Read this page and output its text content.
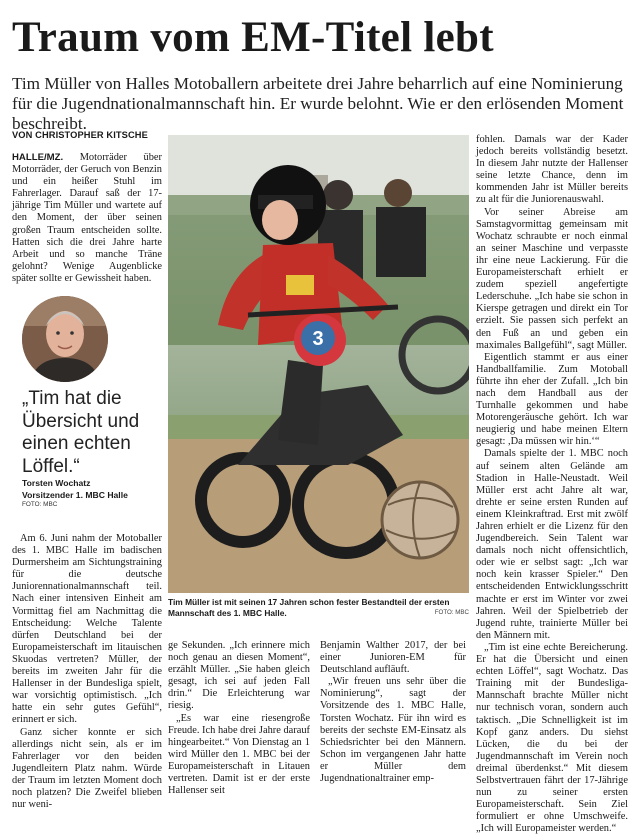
Traum vom EM-Titel lebt
Tim Müller von Halles Motoballern arbeitete drei Jahre beharrlich auf eine Nominierung für die Jugendnationalmannschaft hin. Er wurde belohnt. Wie er den erlösenden Moment beschreibt.
VON CHRISTOPHER KITSCHE

HALLE/MZ. Motorräder über Motorräder, der Geruch von Benzin und ein heißer Stuhl im Fahrerlager. Darauf saß der 17-jährige Tim Müller und wartete auf den Moment, der über seinen großen Traum entscheiden sollte. Hatten sich die drei Jahre harte Arbeit und so manche Träne gelohnt? Wenige Augenblicke später sollte er Gewissheit haben.

„Tim hat die Übersicht und einen echten Löffel.“
Torsten Wochatz
Vorsitzender 1. MBC Halle
FOTO: MBC

Am 6. Juni nahm der Motoballer des 1. MBC Halle im badischen Durmersheim am Sichtungstraining für die deutsche Juniorennationalmannschaft teil. Nach einer intensiven Einheit am Vormittag fiel am Nachmittag die Entscheidung: Welche Talente dürfen Deutschland bei der Europameisterschaft im litauischen Skuodas vertreten? Müller, der bereits im zweiten Jahr für die Hallenser in der Bundesliga spielt, war vorsichtig optimistisch. „Ich hatte ein sehr gutes Gefühl“, erinnert er sich.

Ganz sicher konnte er sich allerdings nicht sein, als er im Fahrerlager vor den beiden Jugendleitern Platz nahm. Würde der Traum im letzten Moment doch noch platzen? Die Zweifel blieben nur weni-

3
Tim Müller ist mit seinen 17 Jahren schon fester Bestandteil der ersten Mannschaft des 1. MBC Halle.	FOTO: MBC

ge Sekunden. „Ich erinnere mich noch genau an diesen Moment“, erzählt Müller. „Sie haben gleich gesagt, ich sei auf jeden Fall drin.“ Die Erleichterung war riesig.

„Es war eine riesengroße Freude. Ich habe drei Jahre darauf hingearbeitet.“ Von Dienstag an 1 wird Müller den 1. MBC bei der Europameisterschaft in Litauen vertreten. Damit ist er der erste Hallenser seit

Benjamin Walther 2017, der bei einer Junioren-EM für Deutschland aufläuft.

„Wir freuen uns sehr über die Nominierung“, sagt der Vorsitzende des 1. MBC Halle, Torsten Wochatz. Für ihn wird es bereits der sechste EM-Einsatz als Schiedsrichter bei den Männern. Schon im vergangenen Jahr hatte er Müller dem Jugendnationaltrainer emp-

fohlen. Damals war der Kader jedoch bereits vollständig besetzt. In diesem Jahr nutzte der Hallenser seine letzte Chance, denn im kommenden Jahr ist Müller bereits zu alt für die Juniorenauswahl.

Vor seiner Abreise am Samstagvormittag gemeinsam mit Wochatz schraubte er noch einmal an seiner Maschine und verpasste ihr eine neue Lackierung. Für die Europameisterschaft erhielt er zudem speziell angefertigte Lederschuhe. „Ich habe sie schon in Kierspe getragen und direkt ein Tor erzielt. Sie passen sich perfekt an den Fuß an und geben ein maximales Ballgefühl“, sagt Müller.

Eigentlich stammt er aus einer Handballfamilie. Zum Motoball führte ihn eher der Zufall. „Ich bin nach dem Handball aus der Turnhalle gekommen und habe Motorengeräusche gehört. Ich war neugierig und habe meinen Eltern gesagt: ,Da müssen wir hin.‘“

Damals spielte der 1. MBC noch auf seinem alten Gelände am Stadion in Halle-Neustadt. Weil Müller erst acht Jahre alt war, drehte er seine ersten Runden auf einem Kleinkraftrad. Erst mit zwölf Jahren erhielt er die Lizenz für den Jugendbereich. Sein Talent war damals noch nicht offensichtlich, oder wie er selbst sagt: „Ich war noch kein krasser Spieler.“ Den entscheidenden Entwicklungsschritt machte er erst im Winter vor zwei Jahren. Weil der Spielbetrieb der Jugend ruhte, trainierte Müller bei den Männern mit.

„Tim ist eine echte Bereicherung. Er hat die Übersicht und einen echten Löffel“, sagt Wochatz. Das Training mit der Bundesliga-Mannschaft brachte Müller nicht nur technisch voran, sondern auch taktisch. „Die Schnelligkeit ist im Kopf ganz anders. Du siehst Lücken, die du bei der Jugendmannschaft im Verein noch dreimal überdenkst.“ Mit diesem Selbstvertrauen fährt der 17-Jährige nun zu seiner ersten Europameisterschaft. Sein Ziel formuliert er ohne Umschweife. „Ich will Europameister werden.“
